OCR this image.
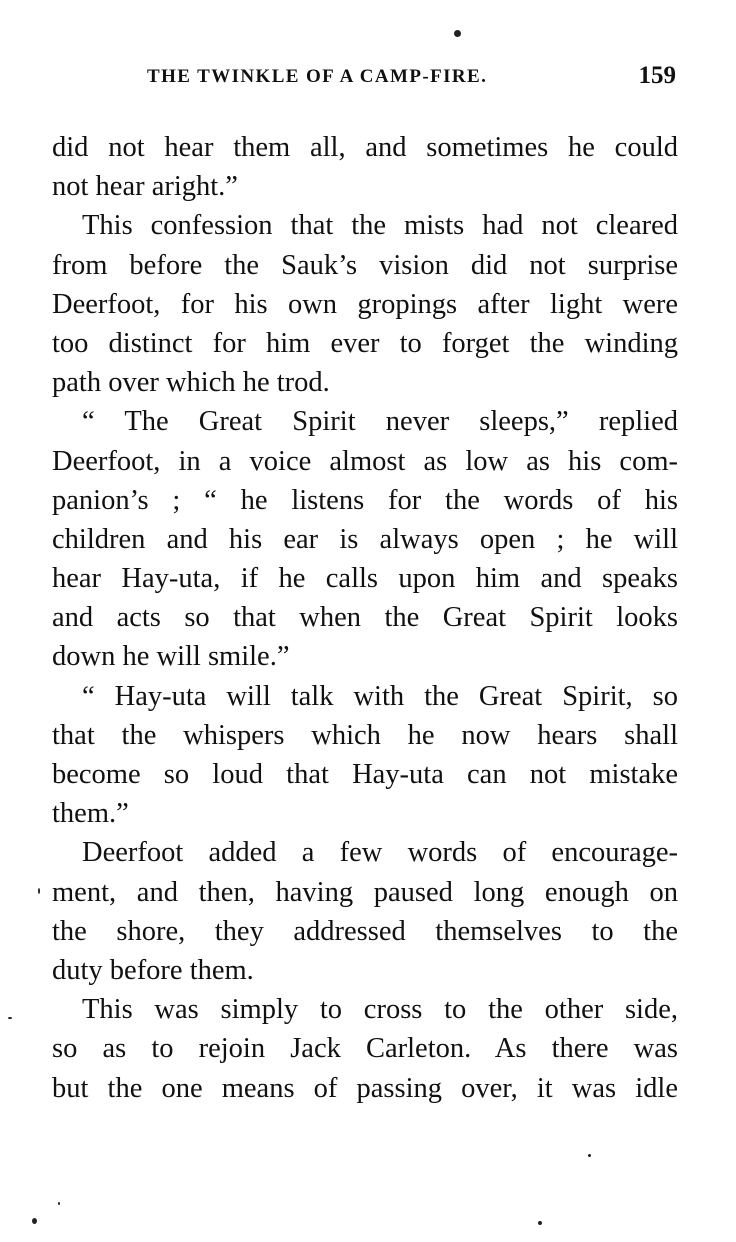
THE TWINKLE OF A CAMP-FIRE.	159
did not hear them all, and sometimes he could
not hear aright.”
This confession that the mists had not cleared
from before the Sauk’s vision did not surprise
Deerfoot, for his own gropings after light were
too distinct for him ever to forget the winding
path over which he trod.
“ The Great Spirit never sleeps,” replied
Deerfoot, in a voice almost as low as his com-
panion’s ; “ he listens for the words of his
children and his ear is always open ; he will
hear Hay-uta, if he calls upon him and speaks
and acts so that when the Great Spirit looks
down he will smile.”
“ Hay-uta will talk with the Great Spirit, so
that the whispers which he now hears shall
become so loud that Hay-uta can not mistake
them.”
Deerfoot added a few words of encourage-
ment, and then, having paused long enough on
the shore, they addressed themselves to the
duty before them.
This was simply to cross to the other side,
so as to rejoin Jack Carleton. As there was
but the one means of passing over, it was idle
